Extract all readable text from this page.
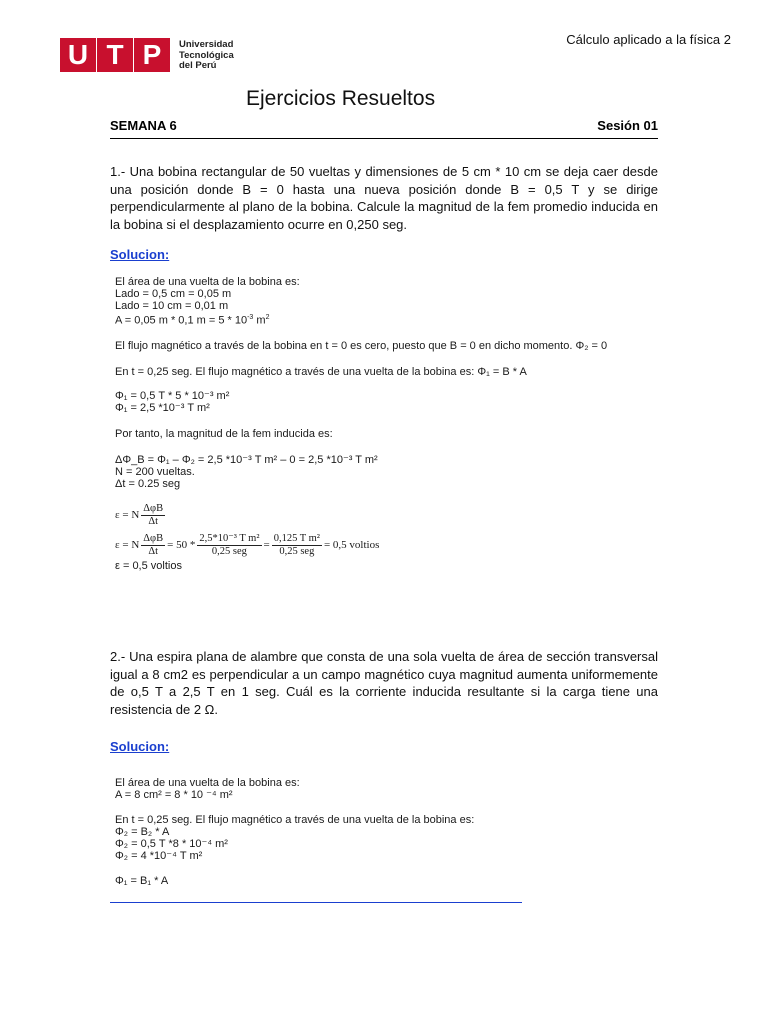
U T P	Universidad
Tecnológica
del Perú
Cálculo aplicado a la física 2
Ejercicios Resueltos
SEMANA 6	Sesión 01
1.- Una bobina rectangular de 50 vueltas y dimensiones de 5 cm * 10 cm se deja caer desde una posición donde B = 0 hasta una nueva posición donde B = 0,5 T y se dirige perpendicularmente al plano de la bobina. Calcule la magnitud de la fem promedio inducida en la bobina si el desplazamiento ocurre en 0,250 seg.
Solucion:
El área de una vuelta de la bobina es:
Lado = 0,5 cm = 0,05 m
Lado = 10 cm = 0,01 m
A = 0,05 m * 0,1 $m = 5 * 10^{-3}$ $m^2$
El flujo magnético a través de la bobina en t = 0 es cero, puesto que B = 0 en dicho momento. Φ₂ = 0
En t = 0,25 seg. El flujo magnético a través de una vuelta de la bobina es: Φ₁ = B * A
Φ₁ = 0,5 T * 5 * 10⁻³ m²
Φ₁ = 2,5 *10⁻³ T m²
Por tanto, la magnitud de la fem inducida es:
ΔΦ_B = Φ₁ – Φ₂ = 2,5 *10⁻³ T m² – 0 = 2,5 *10⁻³ T m²
N = 200 vueltas.
Δt = 0.25 seg
ε = N $\frac{\text{ΔφB}}{\Delta t}$
ε = N $\frac{\text{ΔφB}}{\Delta t} = 50 * \frac{\text{2,5*10⁻³ T m²}}{\text{0,25 seg}} = \frac{\text{0,125 T m²}}{\text{0,25 seg}} = 0,5$ voltios
ε = 0,5 voltios
2.- Una espira plana de alambre que consta de una sola vuelta de área de sección transversal igual a 8 cm2 es perpendicular a un campo magnético cuya magnitud aumenta uniformemente de o,5 T a 2,5 T en 1 seg. Cuál es la corriente inducida resultante si la carga tiene una resistencia de 2 Ω.
Solucion:
El área de una vuelta de la bobina es:
A = 8 cm² = 8 * 10 ⁻⁴ m²
En t = 0,25 seg. El flujo magnético a través de una vuelta de la bobina es:
Φ₂ = B₂ * A
Φ₂ = 0,5 T *8 * 10⁻⁴ m²
Φ₂ = 4 *10⁻⁴ T m²
Φ₁ = B₁ * A
